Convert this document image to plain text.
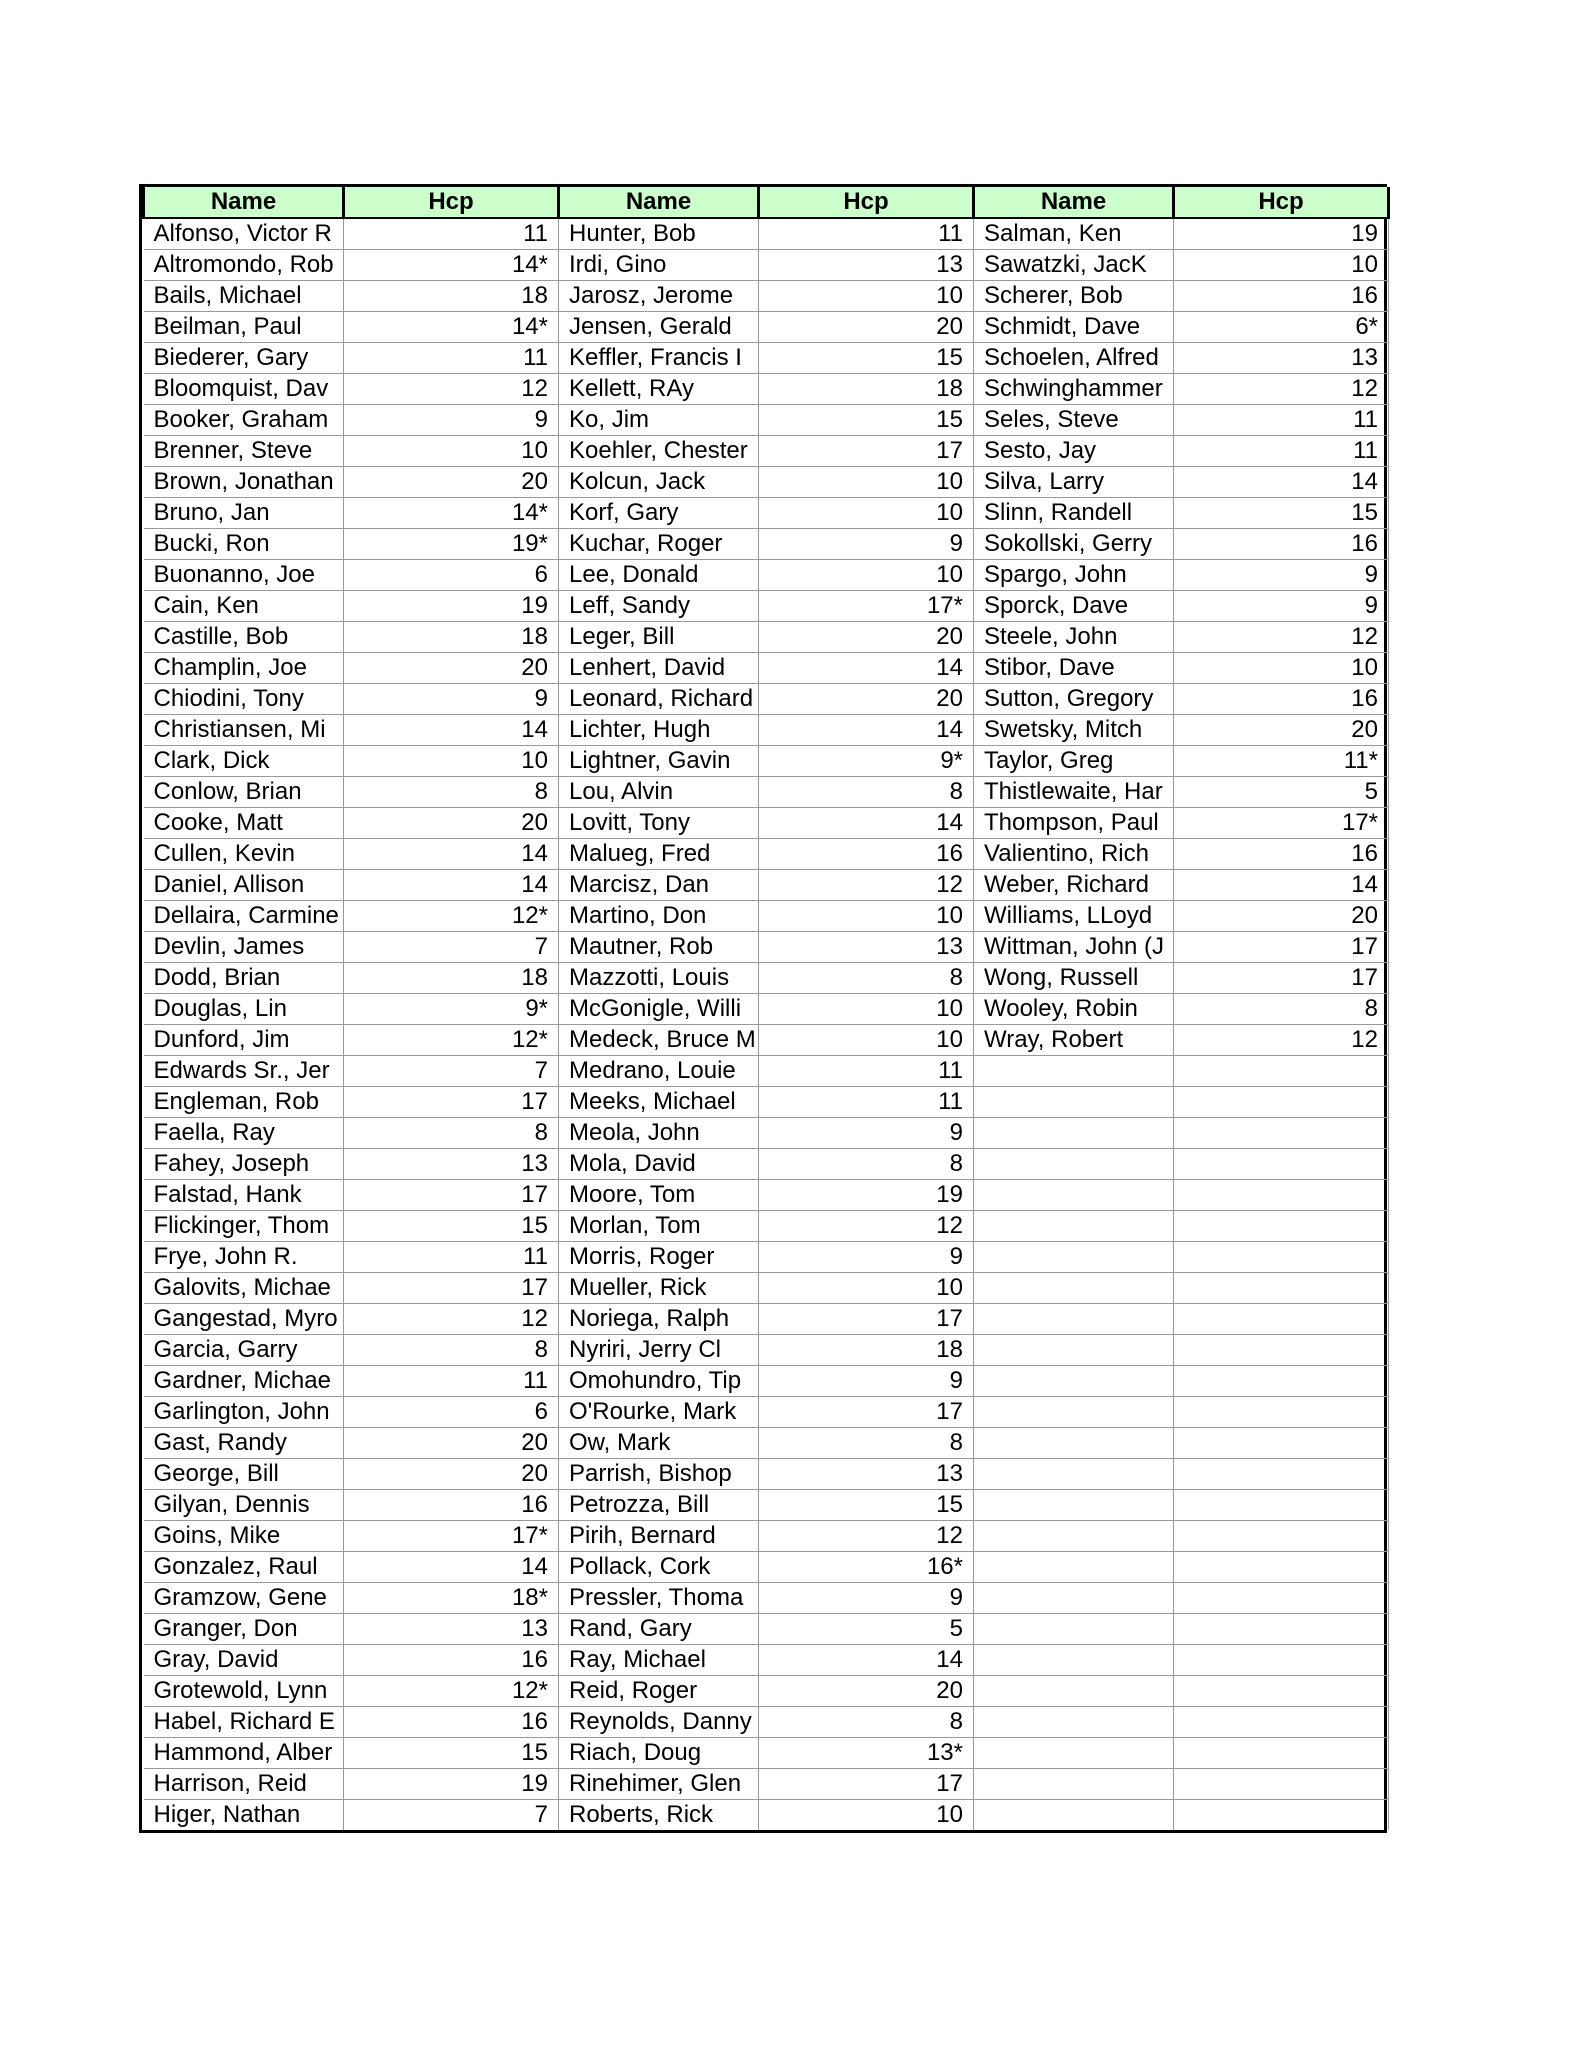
Name	Hcp	Name	Hcp	Name	Hcp
Alfonso, Victor R	11	Hunter, Bob	11	Salman, Ken	19
Altromondo, Rob	14*	Irdi, Gino	13	Sawatzki, JacK	10
Bails, Michael	18	Jarosz, Jerome	10	Scherer, Bob	16
Beilman, Paul	14*	Jensen, Gerald	20	Schmidt, Dave	6*
Biederer, Gary	11	Keffler, Francis I	15	Schoelen, Alfred	13
Bloomquist, Dav	12	Kellett, RAy	18	Schwinghammer	12
Booker, Graham	9	Ko, Jim	15	Seles, Steve	11
Brenner, Steve	10	Koehler, Chester	17	Sesto, Jay	11
Brown, Jonathan	20	Kolcun, Jack	10	Silva, Larry	14
Bruno, Jan	14*	Korf, Gary	10	Slinn, Randell	15
Bucki, Ron	19*	Kuchar, Roger	9	Sokollski, Gerry	16
Buonanno, Joe	6	Lee, Donald	10	Spargo, John	9
Cain, Ken	19	Leff, Sandy	17*	Sporck, Dave	9
Castille, Bob	18	Leger, Bill	20	Steele, John	12
Champlin, Joe	20	Lenhert, David	14	Stibor, Dave	10
Chiodini, Tony	9	Leonard, Richard	20	Sutton, Gregory	16
Christiansen, Mi	14	Lichter, Hugh	14	Swetsky, Mitch	20
Clark, Dick	10	Lightner, Gavin	9*	Taylor, Greg	11*
Conlow, Brian	8	Lou, Alvin	8	Thistlewaite, Har	5
Cooke, Matt	20	Lovitt, Tony	14	Thompson, Paul	17*
Cullen, Kevin	14	Malueg, Fred	16	Valientino, Rich	16
Daniel, Allison	14	Marcisz, Dan	12	Weber, Richard	14
Dellaira, Carmine	12*	Martino, Don	10	Williams, LLoyd	20
Devlin, James	7	Mautner, Rob	13	Wittman, John (J	17
Dodd, Brian	18	Mazzotti, Louis	8	Wong, Russell	17
Douglas, Lin	9*	McGonigle, Willi	10	Wooley, Robin	8
Dunford, Jim	12*	Medeck, Bruce M	10	Wray, Robert	12
Edwards Sr., Jer	7	Medrano, Louie	11		
Engleman, Rob	17	Meeks, Michael	11		
Faella, Ray	8	Meola, John	9		
Fahey, Joseph	13	Mola, David	8		
Falstad, Hank	17	Moore, Tom	19		
Flickinger, Thom	15	Morlan, Tom	12		
Frye, John R.	11	Morris, Roger	9		
Galovits, Michae	17	Mueller, Rick	10		
Gangestad, Myro	12	Noriega, Ralph	17		
Garcia, Garry	8	Nyriri, Jerry Cl	18		
Gardner, Michae	11	Omohundro, Tip	9		
Garlington, John	6	O'Rourke, Mark	17		
Gast, Randy	20	Ow, Mark	8		
George, Bill	20	Parrish, Bishop	13		
Gilyan, Dennis	16	Petrozza, Bill	15		
Goins, Mike	17*	Pirih, Bernard	12		
Gonzalez, Raul	14	Pollack, Cork	16*		
Gramzow, Gene	18*	Pressler, Thoma	9		
Granger, Don	13	Rand, Gary	5		
Gray, David	16	Ray, Michael	14		
Grotewold, Lynn	12*	Reid, Roger	20		
Habel, Richard E	16	Reynolds, Danny	8		
Hammond, Alber	15	Riach, Doug	13*		
Harrison, Reid	19	Rinehimer, Glen	17		
Higer, Nathan	7	Roberts, Rick	10		
